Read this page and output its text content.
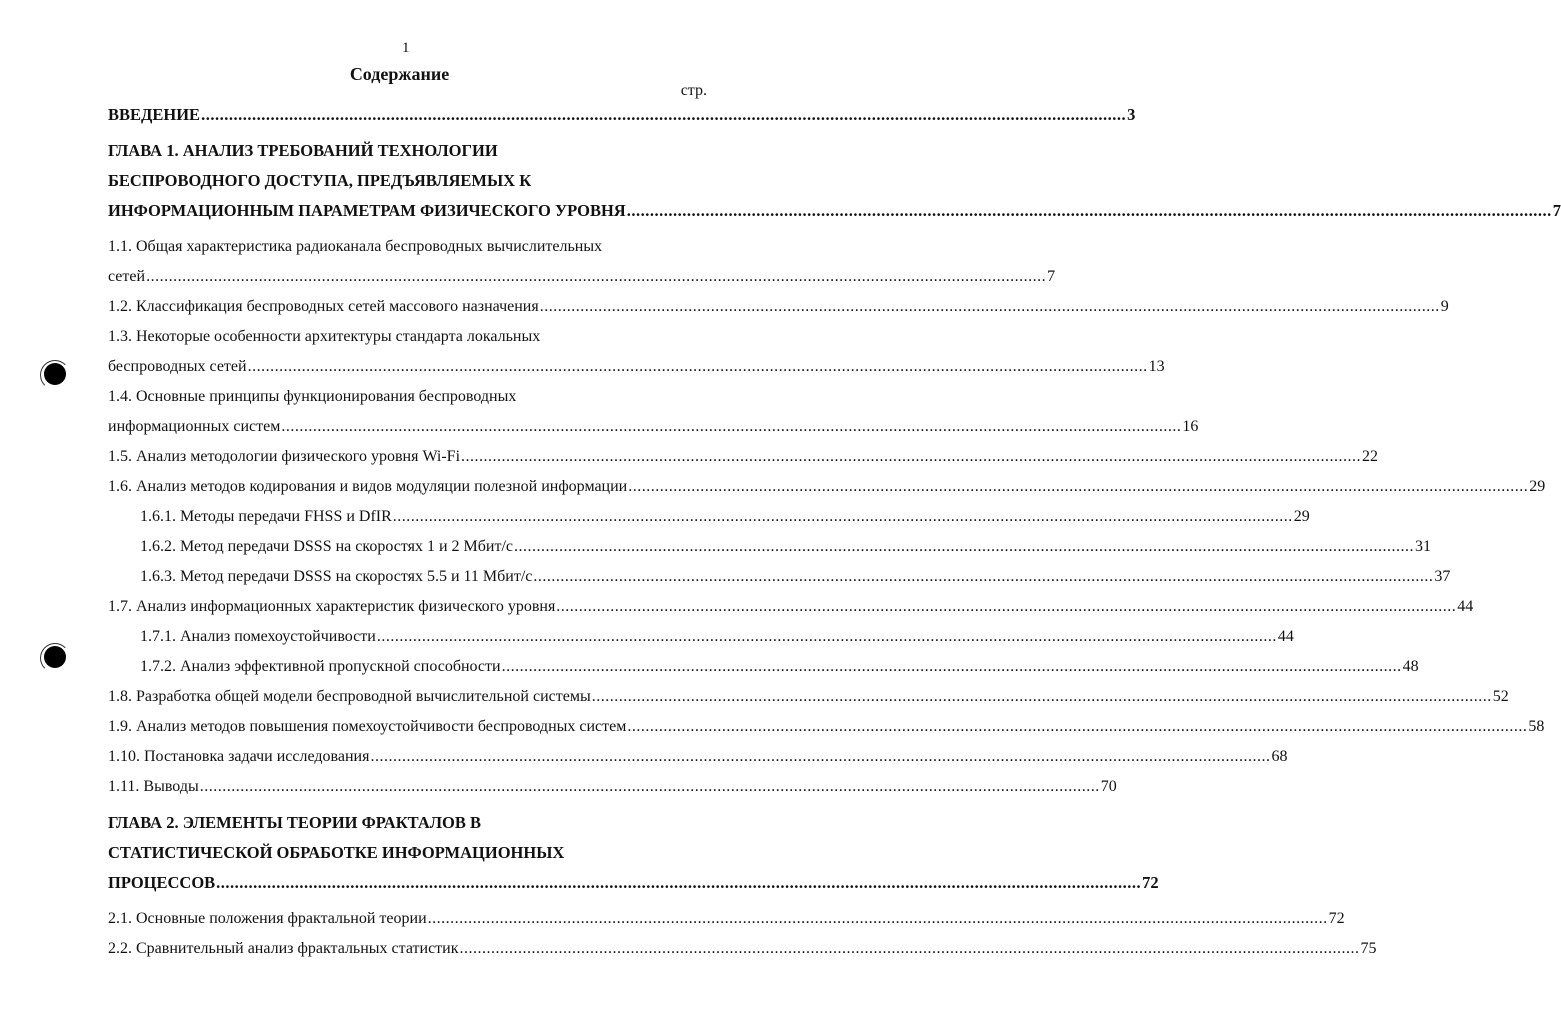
1
Содержание
стр.
ВВЕДЕНИЕ .....	3
ГЛАВА 1. АНАЛИЗ ТРЕБОВАНИЙ ТЕХНОЛОГИИ
БЕСПРОВОДНОГО ДОСТУПА, ПРЕДЪЯВЛЯЕМЫХ К
ИНФОРМАЦИОННЫМ ПАРАМЕТРАМ ФИЗИЧЕСКОГО УРОВНЯ .....	7
1.1. Общая характеристика радиоканала беспроводных вычислительных
сетей .....	7
1.2. Классификация беспроводных сетей массового назначения .....	9
1.3. Некоторые особенности архитектуры стандарта локальных
беспроводных сетей .....	13
1.4. Основные принципы функционирования беспроводных
информационных систем .....	16
1.5. Анализ методологии физического уровня Wi-Fi .....	22
1.6. Анализ методов кодирования и видов модуляции полезной информации .....	29
1.6.1. Методы передачи FHSS и DfIR .....	29
1.6.2. Метод передачи DSSS на скоростях 1 и 2 Мбит/с .....	31
1.6.3. Метод передачи DSSS на скоростях 5.5 и 11 Мбит/с .....	37
1.7. Анализ информационных характеристик физического уровня .....	44
1.7.1. Анализ помехоустойчивости .....	44
1.7.2. Анализ эффективной пропускной способности .....	48
1.8. Разработка общей модели беспроводной вычислительной системы .....	52
1.9. Анализ методов повышения помехоустойчивости беспроводных систем .....	58
1.10. Постановка задачи исследования .....	68
1.11. Выводы .....	70
ГЛАВА 2. ЭЛЕМЕНТЫ ТЕОРИИ ФРАКТАЛОВ В
СТАТИСТИЧЕСКОЙ ОБРАБОТКЕ ИНФОРМАЦИОННЫХ
ПРОЦЕССОВ .....	72
2.1. Основные положения фрактальной теории .....	72
2.2. Сравнительный анализ фрактальных статистик .....	75
